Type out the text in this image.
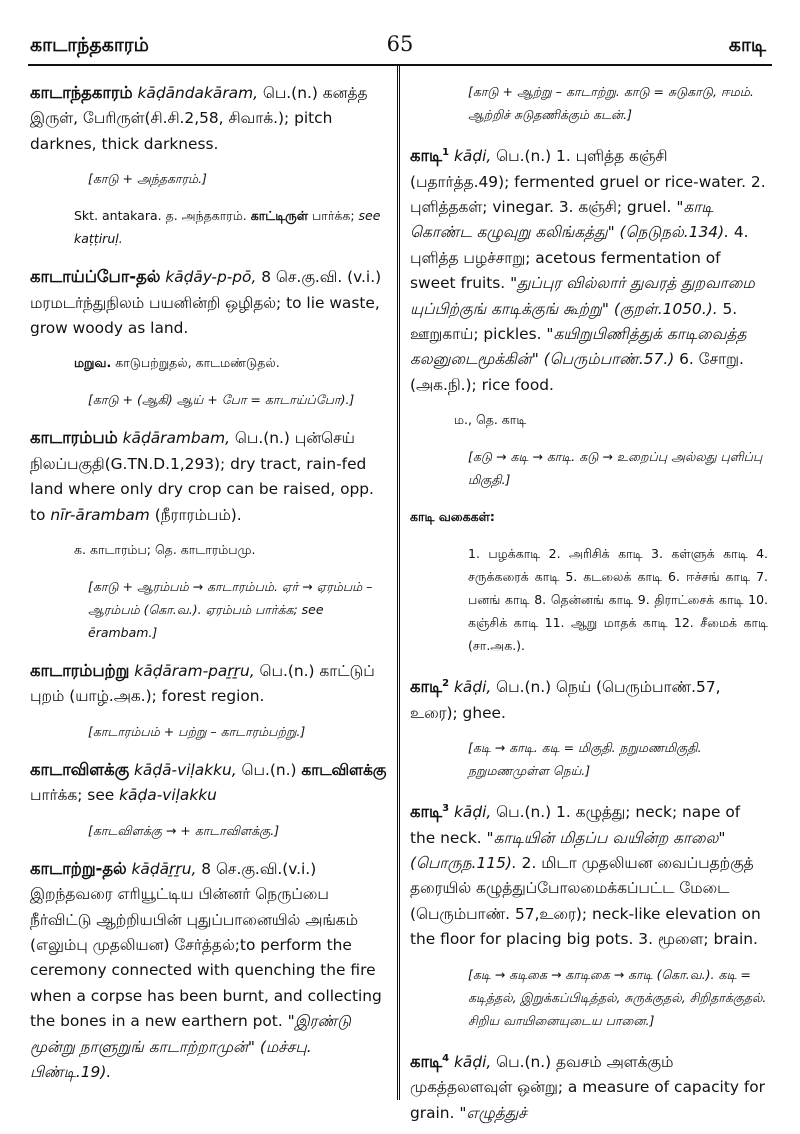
காடாந்தகாரம்	65	காடி
காடாந்தகாரம் kāḍāndakāram, பெ.(n.) கனத்த இருள், பேரிருள்(சி.சி.2,58, சிவாக்.); pitch darknes, thick darkness.
[காடு + அந்தகாரம்.]
Skt. antakara. த. அந்தகாரம். காட்டிருள் பார்க்க; see kaṭṭiruḷ.
காடாய்ப்போ-தல் kāḍāy-p-pō, 8 செ.கு.வி. (v.i.) மரமடர்ந்துநிலம் பயனின்றி ஒழிதல்; to lie waste, grow woody as land.
மறுவ. காடுபற்றுதல், காடமண்டுதல்.
[காடு + (ஆகி) ஆய் + போ = காடாய்ப்போ).]
காடாரம்பம் kāḍārambam, பெ.(n.) புன்செய் நிலப்பகுதி(G.TN.D.1,293); dry tract, rain-fed land where only dry crop can be raised, opp. to nīr-ārambam (நீராரம்பம்).
க. காடாரம்ப; தெ. காடாரம்பமு.
[காடு + ஆரம்பம் → காடாரம்பம். ஏர் → ஏரம்பம் – ஆரம்பம் (கொ.வ.). ஏரம்பம் பார்க்க; see ērambam.]
காடாரம்பற்று kāḍāram-paṟṟu, பெ.(n.) காட்டுப் புறம் (யாழ்.அக.); forest region.
[காடாரம்பம் + பற்று – காடாரம்பற்று.]
காடாவிளக்கு kāḍā-viḷakku, பெ.(n.) காடவிளக்கு பார்க்க; see kāḍa-viḷakku
[காடவிளக்கு → + காடாவிளக்கு.]
காடாற்று-தல் kāḍāṟṟu, 8 செ.கு.வி.(v.i.) இறந்தவரை எரியூட்டிய பின்னர் நெருப்பை நீர்விட்டு ஆற்றியபின் புதுப்பானையில் அங்கம் (எலும்பு முதலியன) சேர்த்தல்;to perform the ceremony connected with quenching the fire when a corpse has been burnt, and collecting the bones in a new earthern pot. "இரண்டு மூன்று நாளுறுங் காடாற்றாமுன்" (மச்சபு. பிண்டி.19).
[காடு + ஆற்று – காடாற்று. காடு = சுடுகாடு, ஈமம். ஆற்றிச் சுடுதணிக்கும் கடன்.]
காடி$^1$ kāḍi, பெ.(n.) 1. புளித்த கஞ்சி (பதார்த்த.49); fermented gruel or rice-water. 2. புளித்தகள்; vinegar. 3. கஞ்சி; gruel. "காடி கொண்ட கழுவுறு கலிங்கத்து" (நெடுநல்.134). 4. புளித்த பழச்சாறு; acetous fermentation of sweet fruits. "துப்புர வில்லார் துவரத் துறவாமை யுப்பிற்குங் காடிக்குங் கூற்று" (குறள்.1050.). 5. ஊறுகாய்; pickles. "கயிறுபிணித்துக் காடிவைத்த கலனுடைமூக்கின்" (பெரும்பாண்.57.) 6. சோறு. (அக.நி.); rice food.
ம., தெ. காடி
[கடு → கடி → காடி. கடு → உறைப்பு அல்லது புளிப்பு மிகுதி.]
காடி வகைகள்:
1. பழக்காடி 2. அரிசிக் காடி 3. கள்ளுக் காடி 4. சருக்கரைக் காடி 5. கடலைக் காடி 6. ஈச்சங் காடி 7. பனங் காடி 8. தென்னங் காடி 9. திராட்சைக் காடி 10. கஞ்சிக் காடி 11. ஆறு மாதக் காடி 12. சீமைக் காடி (சா.அக.).
காடி$^2$ kāḍi, பெ.(n.) நெய் (பெரும்பாண்.57, உரை); ghee.
[கடி → காடி. கடி = மிகுதி. நறுமணமிகுதி. நறுமணமுள்ள நெய்.]
காடி$^3$ kāḍi, பெ.(n.) 1. கழுத்து; neck; nape of the neck. "காடியின் மிதப்ப வயின்ற காலை" (பொருந.115). 2. மிடா முதலியன வைப்பதற்குத் தரையில் கழுத்துப்போலமைக்கப்பட்ட மேடை (பெரும்பாண். 57,உரை); neck-like elevation on the floor for placing big pots. 3. மூளை; brain.
[கடி → கடிகை → காடிகை → காடி (கொ.வ.). கடி = கடித்தல், இறுக்கப்பிடித்தல், சுருக்குதல், சிறிதாக்குதல். சிறிய வாயினையுடைய பானை.]
காடி$^4$ kāḍi, பெ.(n.) தவசம் அளக்கும் முகத்தலளவுள் ஒன்று; a measure of capacity for grain. "எழுத்துச்
